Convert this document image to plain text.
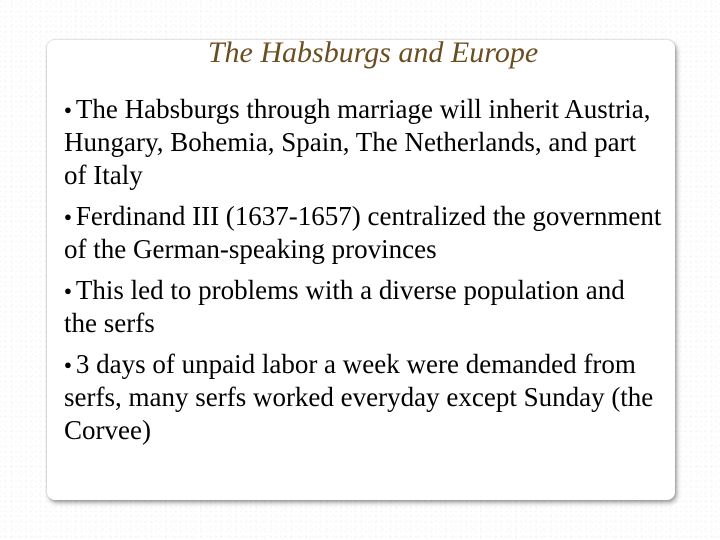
The Habsburgs and Europe
● The Habsburgs through marriage will inherit Austria, Hungary, Bohemia, Spain, The Netherlands, and part of Italy
● Ferdinand III (1637-1657) centralized the government of the German-speaking provinces
● This led to problems with a diverse population and the serfs
● 3 days of unpaid labor a week were demanded from serfs, many serfs worked everyday except Sunday (the Corvee)
